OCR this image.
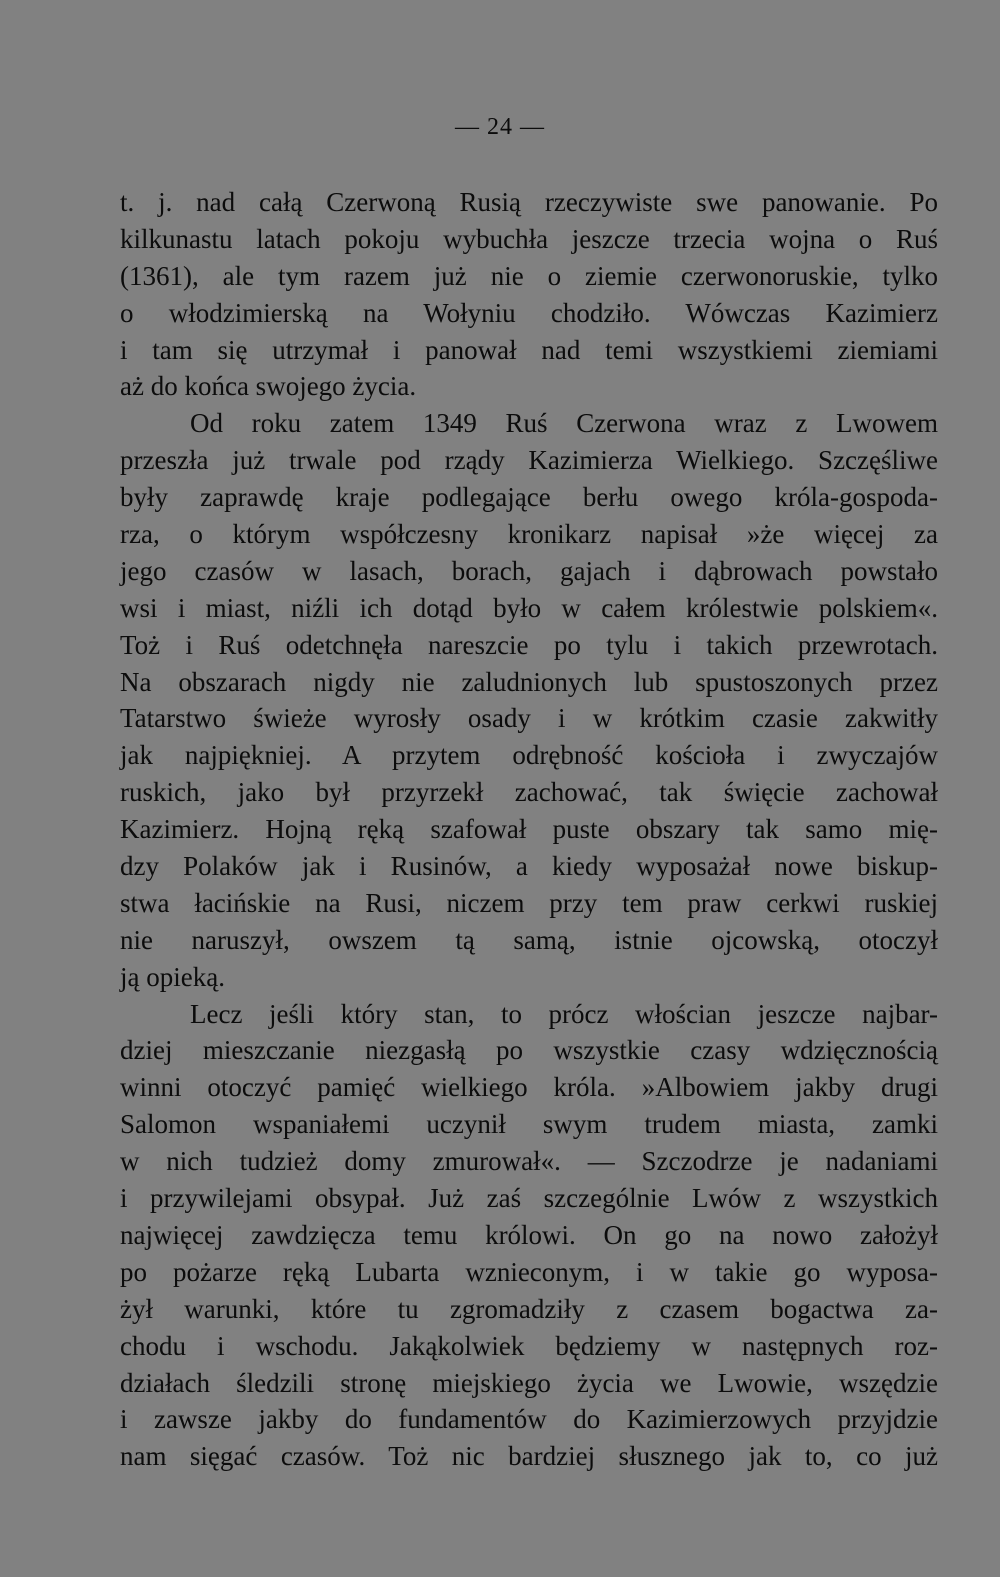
— 24 —
t. j. nad całą Czerwoną Rusią rzeczywiste swe panowanie. Po
kilkunastu latach pokoju wybuchła jeszcze trzecia wojna o Ruś
(1361), ale tym razem już nie o ziemie czerwonoruskie, tylko
o włodzimierską na Wołyniu chodziło. Wówczas Kazimierz
i tam się utrzymał i panował nad temi wszystkiemi ziemiami
aż do końca swojego życia.
Od roku zatem 1349 Ruś Czerwona wraz z Lwowem
przeszła już trwale pod rządy Kazimierza Wielkiego. Szczęśliwe
były zaprawdę kraje podlegające berłu owego króla-gospoda-
rza, o którym współczesny kronikarz napisał »że więcej za
jego czasów w lasach, borach, gajach i dąbrowach powstało
wsi i miast, niźli ich dotąd było w całem królestwie polskiem«.
Toż i Ruś odetchnęła nareszcie po tylu i takich przewrotach.
Na obszarach nigdy nie zaludnionych lub spustoszonych przez
Tatarstwo świeże wyrosły osady i w krótkim czasie zakwitły
jak najpiękniej. A przytem odrębność kościoła i zwyczajów
ruskich, jako był przyrzekł zachować, tak święcie zachował
Kazimierz. Hojną ręką szafował puste obszary tak samo mię-
dzy Polaków jak i Rusinów, a kiedy wyposażał nowe biskup-
stwa łacińskie na Rusi, niczem przy tem praw cerkwi ruskiej
nie naruszył, owszem tą samą, istnie ojcowską, otoczył
ją opieką.
Lecz jeśli który stan, to prócz włościan jeszcze najbar-
dziej mieszczanie niezgasłą po wszystkie czasy wdzięcznością
winni otoczyć pamięć wielkiego króla. »Albowiem jakby drugi
Salomon wspaniałemi uczynił swym trudem miasta, zamki
w nich tudzież domy zmurował«. — Szczodrze je nadaniami
i przywilejami obsypał. Już zaś szczególnie Lwów z wszystkich
najwięcej zawdzięcza temu królowi. On go na nowo założył
po pożarze ręką Lubarta wznieconym, i w takie go wyposa-
żył warunki, które tu zgromadziły z czasem bogactwa za-
chodu i wschodu. Jakąkolwiek będziemy w następnych roz-
działach śledzili stronę miejskiego życia we Lwowie, wszędzie
i zawsze jakby do fundamentów do Kazimierzowych przyjdzie
nam sięgać czasów. Toż nic bardziej słusznego jak to, co już
